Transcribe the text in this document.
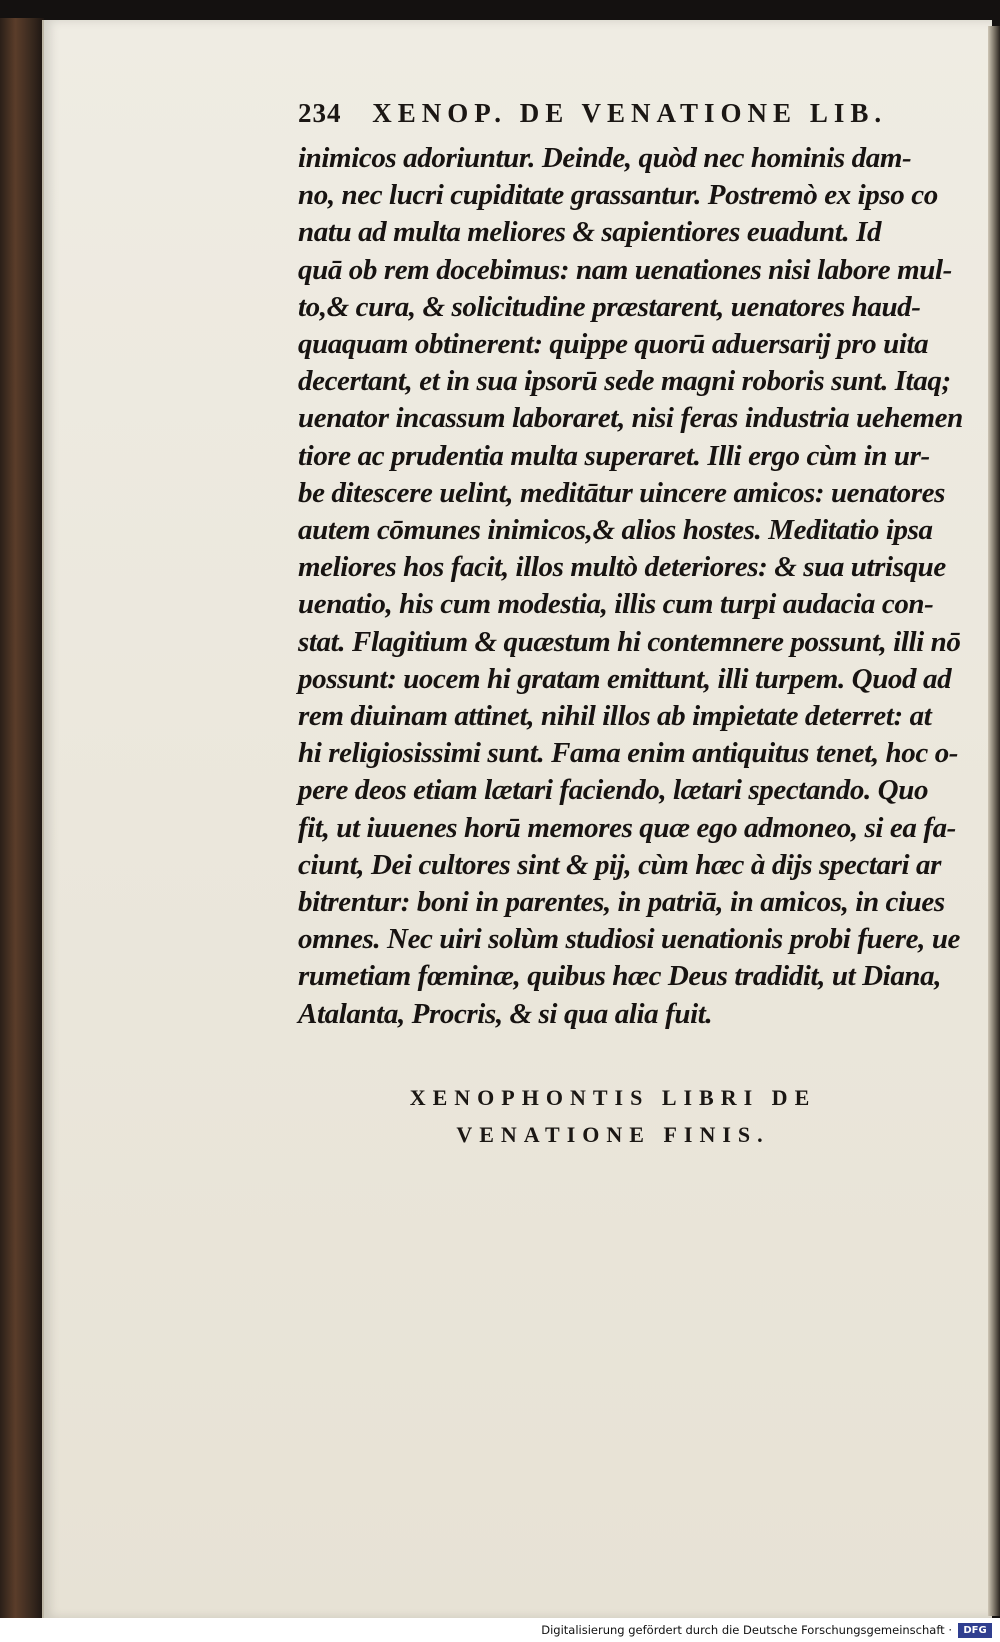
234 XENOP. DE VENATIONE LIB.
inimicos adoriuntur. Deinde, quòd nec hominis dam-
no, nec lucri cupiditate grassantur. Postremò ex ipso co
natu ad multa meliores & sapientiores euadunt. Id
quā ob rem docebimus: nam uenationes nisi labore mul-
to,& cura, & solicitudine præstarent, uenatores haud-
quaquam obtinerent: quippe quorū aduersarij pro uita
decertant, et in sua ipsorū sede magni roboris sunt. Itaq;
uenator incassum laboraret, nisi feras industria uehemen
tiore ac prudentia multa superaret. Illi ergo cùm in ur-
be ditescere uelint, meditātur uincere amicos: uenatores
autem cōmunes inimicos,& alios hostes. Meditatio ipsa
meliores hos facit, illos multò deteriores: & sua utrisque
uenatio, his cum modestia, illis cum turpi audacia con-
stat. Flagitium & quæstum hi contemnere possunt, illi nō
possunt: uocem hi gratam emittunt, illi turpem. Quod ad
rem diuinam attinet, nihil illos ab impietate deterret: at
hi religiosissimi sunt. Fama enim antiquitus tenet, hoc o-
pere deos etiam lætari faciendo, lætari spectando. Quo
fit, ut iuuenes horū memores quæ ego admoneo, si ea fa-
ciunt, Dei cultores sint & pij, cùm hæc à dijs spectari ar
bitrentur: boni in parentes, in patriā, in amicos, in ciues
omnes. Nec uiri solùm studiosi uenationis probi fuere, ue
rumetiam fœminæ, quibus hæc Deus tradidit, ut Diana,
Atalanta, Procris, & si qua alia fuit.
XENOPHONTIS LIBRI DE
VENATIONE FINIS.
Digitalisierung gefördert durch die Deutsche Forschungsgemeinschaft ·	DFG
